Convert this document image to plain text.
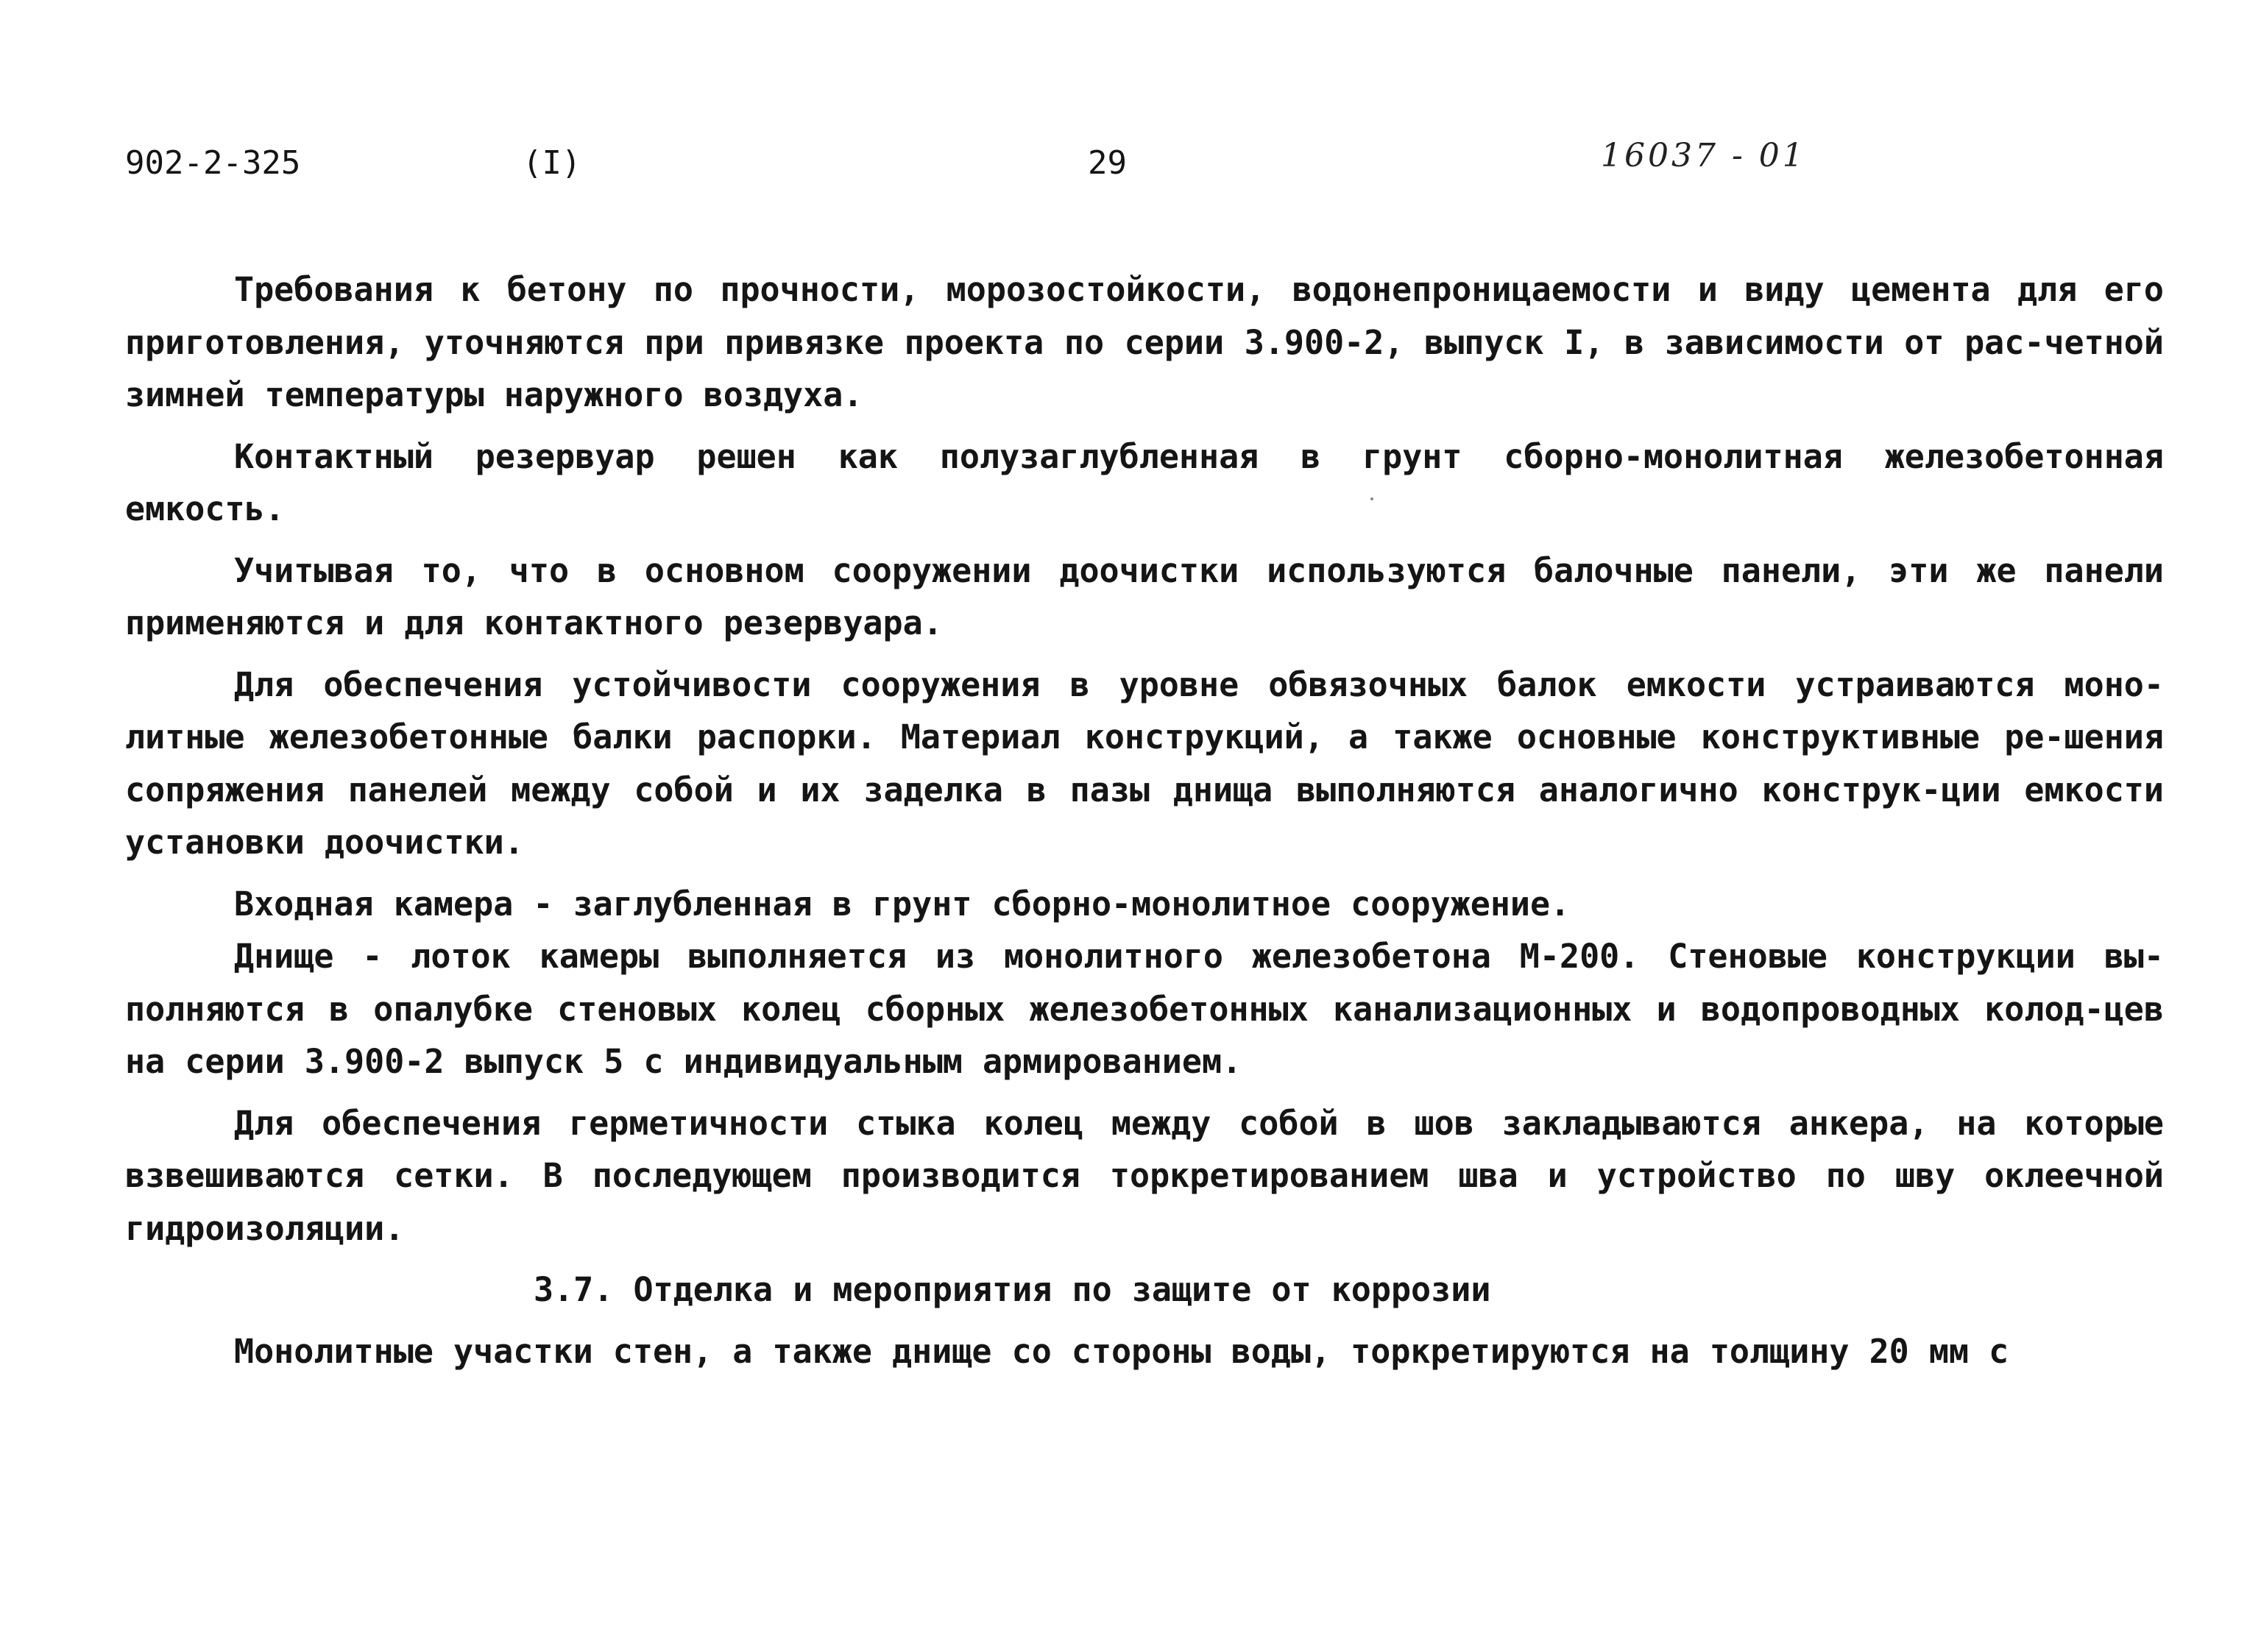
902-2-325	(I)	29	16037 - 01

Требования к бетону по прочности, морозостойкости, водонепроницаемости и виду цемента для его приготовления, уточняются при привязке проекта по серии 3.900-2, выпуск I, в зависимости от рас-четной зимней температуры наружного воздуха.

Контактный резервуар решен как полузаглубленная в грунт сборно-монолитная железобетонная емкость.

Учитывая то, что в основном сооружении доочистки используются балочные панели, эти же панели применяются и для контактного резервуара.

Для обеспечения устойчивости сооружения в уровне обвязочных балок емкости устраиваются моно-литные железобетонные балки распорки. Материал конструкций, а также основные конструктивные ре-шения сопряжения панелей между собой и их заделка в пазы днища выполняются аналогично конструк-ции емкости установки доочистки.

Входная камера - заглубленная в грунт сборно-монолитное сооружение.

Днище - лоток камеры выполняется из монолитного железобетона М-200. Стеновые конструкции вы-полняются в опалубке стеновых колец сборных железобетонных канализационных и водопроводных колод-цев на серии 3.900-2 выпуск 5 с индивидуальным армированием.

Для обеспечения герметичности стыка колец между собой в шов закладываются анкера, на которые взвешиваются сетки. В последующем производится торкретированием шва и устройство по шву оклеечной гидроизоляции.

3.7. Отделка и мероприятия по защите от коррозии

Монолитные участки стен, а также днище со стороны воды, торкретируются на толщину 20 мм с
